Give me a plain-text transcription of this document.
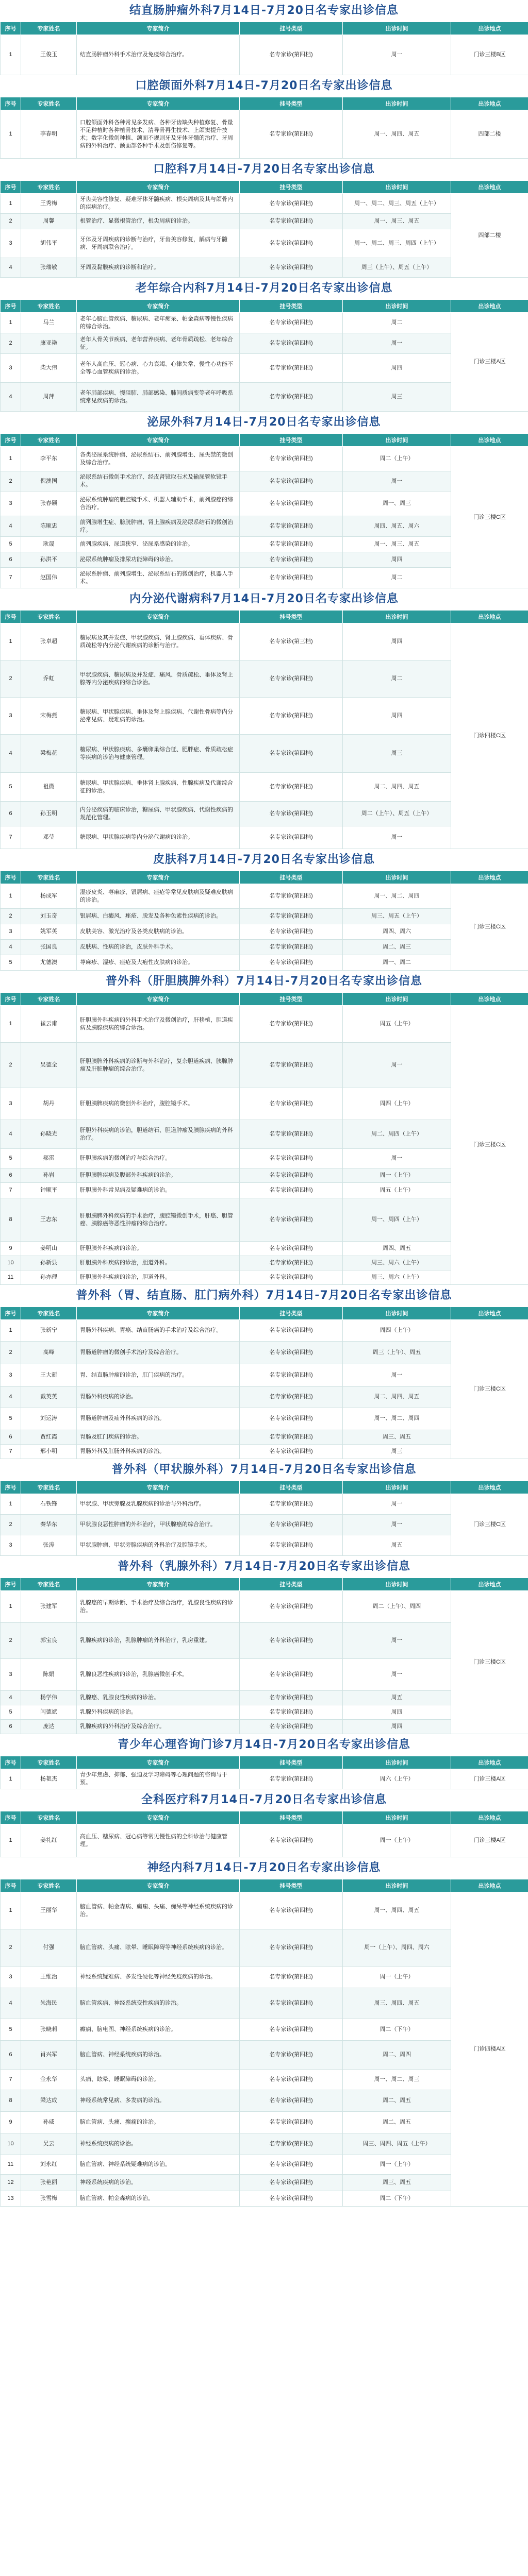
结直肠肿瘤外科7月14日-7月20日名专家出诊信息
序号	专家姓名	专家简介	挂号类型	出诊时间	出诊地点
1	王俊玉	结直肠肿瘤外科手术治疗及免疫综合治疗。	名专家诊(第四档)	周一	门诊三楼B区
口腔颌面外科7月14日-7月20日名专家出诊信息
序号	专家姓名	专家简介	挂号类型	出诊时间	出诊地点
1	李春明	口腔颌面外科各种常见多发病、各种牙齿缺失种植修复、骨量不足种植时各种植骨技术、清导骨再生技术、上颌窦提升技术；数字化微创种植、颌面不规则牙及牙体牙髓的治疗、牙周病的外科治疗、颌面部各种手术及创伤修复等。	名专家诊(第四档)	周一、周四、周五	四部二楼
口腔科7月14日-7月20日名专家出诊信息
序号	专家姓名	专家简介	挂号类型	出诊时间	出诊地点
1	王秀梅	牙齿美容性修复、疑难牙体牙髓疾病、根尖周病及其与颌骨内的疾病治疗。	名专家诊(第四档)	周一、周二、周三、周五（上午）	四部二楼
2	周馨	根管治疗、显微根管治疗，根尖周病的诊治。	名专家诊(第四档)	周一、周三、周五	
3	胡伟平	牙体及牙周疾病的诊断与治疗，牙齿美容修复，龋病与牙髓病、牙周病联合治疗。	名专家诊(第四档)	周一、周二、周三、周四（上午）	
4	张瑞敏	牙周及黏膜疾病的诊断和治疗。	名专家诊(第四档)	周三（上午）、周五（上午）	
老年综合内科7月14日-7月20日名专家出诊信息
序号	专家姓名	专家简介	挂号类型	出诊时间	出诊地点
1	马兰	老年心脑血管疾病、糖尿病、老年痴呆、帕金森病等慢性疾病的综合诊治。	名专家诊(第四档)	周二	门诊三楼A区
2	康亚艳	老年人骨关节疾病、老年营养疾病、老年骨质疏松、老年综合征。	名专家诊(第四档)	周一	
3	柴大伟	老年人高血压、冠心病、心力衰竭、心律失常、慢性心功能不全等心血管疾病的诊治。	名专家诊(第四档)	周四	
4	周萍	老年肺部疾病、慢阻肺、肺部感染、肺间质病变等老年呼吸系统常见疾病的诊治。	名专家诊(第四档)	周三	
泌尿外科7月14日-7月20日名专家出诊信息
序号	专家姓名	专家简介	挂号类型	出诊时间	出诊地点
1	李平东	各类泌尿系统肿瘤、泌尿系结石、前列腺增生、尿失禁的微创及综合治疗。	名专家诊(第四档)	周二（上午）	门诊三楼C区
2	倪澳国	泌尿系结石微创手术治疗、经皮肾镜取石术及输尿管软镜手术。	名专家诊(第四档)	周一	
3	张春颖	泌尿系统肿瘤的腹腔镜手术、机器人辅助手术，前列腺癌的综合治疗。	名专家诊(第四档)	周一、周三	
4	陈顺忠	前列腺增生症、膀胱肿瘤、肾上腺疾病及泌尿系结石的微创治疗。	名专家诊(第四档)	周四、周五、周六	
5	耿晟	前列腺疾病、尿道狭窄、泌尿系感染的诊治。	名专家诊(第四档)	周一、周三、周五	
6	孙洪平	泌尿系统肿瘤及排尿功能障碍的诊治。	名专家诊(第四档)	周四	
7	赵国伟	泌尿系肿瘤、前列腺增生、泌尿系结石的微创治疗，机器人手术。	名专家诊(第四档)	周二	
内分泌代谢病科7月14日-7月20日名专家出诊信息
序号	专家姓名	专家简介	挂号类型	出诊时间	出诊地点
1	张卓超	糖尿病及其并发症、甲状腺疾病、肾上腺疾病、垂体疾病、骨质疏松等内分泌代谢疾病的诊断与治疗。	名专家诊(第三档)	周四	门诊四楼C区
2	乔虹	甲状腺疾病、糖尿病及并发症、痛风、骨质疏松、垂体及肾上腺等内分泌疾病的综合诊治。	名专家诊(第四档)	周二	
3	宋梅燕	糖尿病、甲状腺疾病、垂体及肾上腺疾病、代谢性骨病等内分泌常见病、疑难病的诊治。	名专家诊(第四档)	周四	
4	梁梅花	糖尿病、甲状腺疾病、多囊卵巢综合征、肥胖症、骨质疏松症等疾病的诊治与健康管理。	名专家诊(第四档)	周三	
5	祖微	糖尿病、甲状腺疾病、垂体肾上腺疾病、性腺疾病及代谢综合征的诊治。	名专家诊(第四档)	周二、周四、周五	
6	孙玉明	内分泌疾病的临床诊治，糖尿病、甲状腺疾病、代谢性疾病的规范化管理。	名专家诊(第四档)	周二（上午）、周五（上午）	
7	邓莹	糖尿病、甲状腺疾病等内分泌代谢病的诊治。	名专家诊(第四档)	周一	
皮肤科7月14日-7月20日名专家出诊信息
序号	专家姓名	专家简介	挂号类型	出诊时间	出诊地点
1	杨成军	湿疹皮炎、荨麻疹、银屑病、痤疮等常见皮肤病及疑难皮肤病的诊治。	名专家诊(第四档)	周一、周二、周四	门诊三楼C区
2	刘玉奇	银屑病、白癜风、痤疮、脱发及各种色素性疾病的诊治。	名专家诊(第四档)	周三、周五（上午）	
3	姚军英	皮肤美容、激光治疗及各类皮肤病的诊治。	名专家诊(第四档)	周四、周六	
4	张国良	皮肤病、性病的诊治，皮肤外科手术。	名专家诊(第四档)	周二、周三	
5	尤德澳	荨麻疹、湿疹、痤疮及大疱性皮肤病的诊治。	名专家诊(第四档)	周一、周二	
普外科（肝胆胰脾外科）7月14日-7月20日名专家出诊信息
序号	专家姓名	专家简介	挂号类型	出诊时间	出诊地点
1	崔云甫	肝胆胰外科疾病的外科手术治疗及微创治疗，肝移植，胆道疾病及胰腺疾病的综合诊治。	名专家诊(第四档)	周五（上午）	门诊三楼C区
2	吴德全	肝胆胰脾外科疾病的诊断与外科治疗，复杂胆道疾病、胰腺肿瘤及肝脏肿瘤的综合治疗。	名专家诊(第四档)	周一	
3	胡丹	肝胆胰脾疾病的微创外科治疗，腹腔镜手术。	名专家诊(第四档)	周四（上午）	
4	孙晓光	肝胆外科疾病的诊治，胆道结石、胆道肿瘤及胰腺疾病的外科治疗。	名专家诊(第四档)	周二、周四（上午）	
5	郝雷	肝胆胰疾病的微创治疗与综合治疗。	名专家诊(第四档)	周一	
6	孙岩	肝胆胰脾疾病及腹部外科疾病的诊治。	名专家诊(第四档)	周一（上午）	
7	钟顺平	肝胆胰外科常见病及疑难病的诊治。	名专家诊(第四档)	周五（上午）	
8	王志东	肝胆胰脾外科疾病的手术治疗，腹腔镜微创手术，肝癌、胆管癌、胰腺癌等恶性肿瘤的综合治疗。	名专家诊(第四档)	周一、周四（上午）	
9	姜明山	肝胆胰外科疾病的诊治。	名专家诊(第四档)	周四、周五	
10	孙新县	肝胆胰外科疾病的诊治，胆道外科。	名专家诊(第四档)	周三、周六（上午）	
11	孙亦理	肝胆胰外科疾病的诊治，胆道外科。	名专家诊(第四档)	周三、周六（上午）	
普外科（胃、结直肠、肛门病外科）7月14日-7月20日名专家出诊信息
序号	专家姓名	专家简介	挂号类型	出诊时间	出诊地点
1	张新宁	胃肠外科疾病、胃癌、结直肠癌的手术治疗及综合治疗。	名专家诊(第四档)	周四（上午）	门诊三楼C区
2	高峰	胃肠道肿瘤的微创手术治疗及综合治疗。	名专家诊(第四档)	周三（上午）、周五	
3	王大新	胃、结直肠肿瘤的诊治，肛门疾病的治疗。	名专家诊(第四档)	周一	
4	戴英英	胃肠外科疾病的诊治。	名专家诊(第四档)	周二、周四、周五	
5	刘运涛	胃肠道肿瘤及疝外科疾病的诊治。	名专家诊(第四档)	周一、周二、周四	
6	贾红霞	胃肠及肛门疾病的诊治。	名专家诊(第四档)	周三、周五	
7	邢小明	胃肠外科及肛肠外科疾病的诊治。	名专家诊(第四档)	周三	
普外科（甲状腺外科）7月14日-7月20日名专家出诊信息
序号	专家姓名	专家简介	挂号类型	出诊时间	出诊地点
1	石铁锋	甲状腺、甲状旁腺及乳腺疾病的诊治与外科治疗。	名专家诊(第四档)	周一	门诊三楼C区
2	秦华东	甲状腺良恶性肿瘤的外科治疗，甲状腺癌的综合治疗。	名专家诊(第四档)	周一	
3	张涛	甲状腺肿瘤、甲状旁腺疾病的外科治疗及腔镜手术。	名专家诊(第四档)	周五	
普外科（乳腺外科）7月14日-7月20日名专家出诊信息
序号	专家姓名	专家简介	挂号类型	出诊时间	出诊地点
1	张建军	乳腺癌的早期诊断、手术治疗及综合治疗，乳腺良性疾病的诊治。	名专家诊(第四档)	周二（上午）、周四	门诊三楼C区
2	郭宝良	乳腺疾病的诊治，乳腺肿瘤的外科治疗，乳房重建。	名专家诊(第四档)	周一	
3	陈娟	乳腺良恶性疾病的诊治，乳腺癌微创手术。	名专家诊(第四档)	周一	
4	杨学伟	乳腺癌、乳腺良性疾病的诊治。	名专家诊(第四档)	周五	
5	闫德斌	乳腺外科疾病的诊治。	名专家诊(第四档)	周四	
6	庞达	乳腺疾病的外科治疗及综合治疗。	名专家诊(第四档)	周四	
青少年心理咨询门诊7月14日-7月20日名专家出诊信息
序号	专家姓名	专家简介	挂号类型	出诊时间	出诊地点
1	杨艳杰	青少年焦虑、抑郁、强迫及学习障碍等心理问题的咨询与干预。	名专家诊(第四档)	周六（上午）	门诊三楼A区
全科医疗科7月14日-7月20日名专家出诊信息
序号	专家姓名	专家简介	挂号类型	出诊时间	出诊地点
1	姜礼红	高血压、糖尿病、冠心病等常见慢性病的全科诊治与健康管理。	名专家诊(第四档)	周一（上午）	门诊三楼A区
神经内科7月14日-7月20日名专家出诊信息
序号	专家姓名	专家简介	挂号类型	出诊时间	出诊地点
1	王丽华	脑血管病、帕金森病、癫痫、头痛、痴呆等神经系统疾病的诊治。	名专家诊(第四档)	周一、周四、周五	门诊四楼A区
2	付强	脑血管病、头痛、眩晕、睡眠障碍等神经系统疾病的诊治。	名专家诊(第四档)	周一（上午）、周四、周六	
3	王维治	神经系统疑难病、多发性硬化等神经免疫疾病的诊治。	名专家诊(第四档)	周一（上午）	
4	朱海民	脑血管疾病、神经系统变性疾病的诊治。	名专家诊(第四档)	周三、周四、周五	
5	张晓莉	癫痫、脑电图、神经系统疾病的诊治。	名专家诊(第四档)	周二（下午）	
6	肖兴军	脑血管病、神经系统疾病的诊治。	名专家诊(第四档)	周二、周四	
7	金永华	头痛、眩晕、睡眠障碍的诊治。	名专家诊(第四档)	周一、周二、周三	
8	梁达成	神经系统常见病、多发病的诊治。	名专家诊(第四档)	周二、周五	
9	孙威	脑血管病、头痛、癫痫的诊治。	名专家诊(第四档)	周二、周五	
10	吴云	神经系统疾病的诊治。	名专家诊(第四档)	周三、周四、周五（上午）	
11	刘永红	脑血管病、神经系统疑难病的诊治。	名专家诊(第四档)	周一（上午）	
12	张艳丽	神经系统疾病的诊治。	名专家诊(第四档)	周三、周五	
13	张雪梅	脑血管病、帕金森病的诊治。	名专家诊(第四档)	周二（下午）	
